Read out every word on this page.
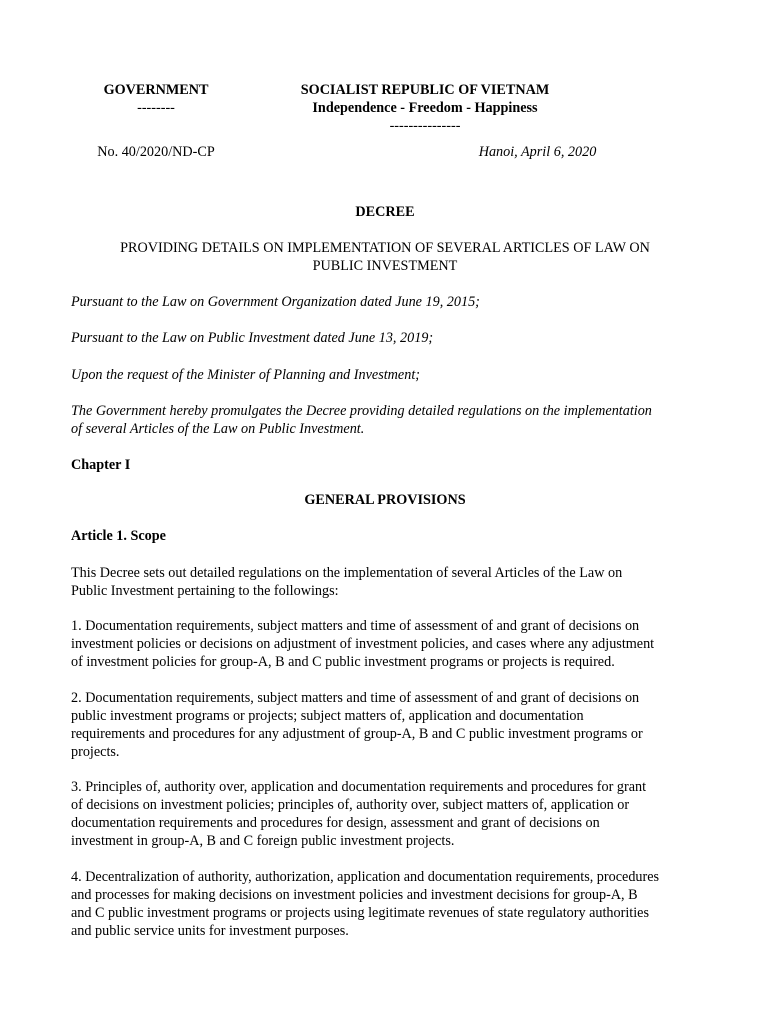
GOVERNMENT
--------
SOCIALIST REPUBLIC OF VIETNAM
Independence - Freedom - Happiness
---------------
No. 40/2020/ND-CP	Hanoi, April 6, 2020
DECREE
PROVIDING DETAILS ON IMPLEMENTATION OF SEVERAL ARTICLES OF LAW ON
PUBLIC INVESTMENT
Pursuant to the Law on Government Organization dated June 19, 2015;
Pursuant to the Law on Public Investment dated June 13, 2019;
Upon the request of the Minister of Planning and Investment;
The Government hereby promulgates the Decree providing detailed regulations on the implementation
of several Articles of the Law on Public Investment.
Chapter I
GENERAL PROVISIONS
Article 1. Scope
This Decree sets out detailed regulations on the implementation of several Articles of the Law on
Public Investment pertaining to the followings:
1. Documentation requirements, subject matters and time of assessment of and grant of decisions on
investment policies or decisions on adjustment of investment policies, and cases where any adjustment
of investment policies for group-A, B and C public investment programs or projects is required.
2. Documentation requirements, subject matters and time of assessment of and grant of decisions on
public investment programs or projects; subject matters of, application and documentation
requirements and procedures for any adjustment of group-A, B and C public investment programs or
projects.
3. Principles of, authority over, application and documentation requirements and procedures for grant
of decisions on investment policies; principles of, authority over, subject matters of, application or
documentation requirements and procedures for design, assessment and grant of decisions on
investment in group-A, B and C foreign public investment projects.
4. Decentralization of authority, authorization, application and documentation requirements, procedures
and processes for making decisions on investment policies and investment decisions for group-A, B
and C public investment programs or projects using legitimate revenues of state regulatory authorities
and public service units for investment purposes.
